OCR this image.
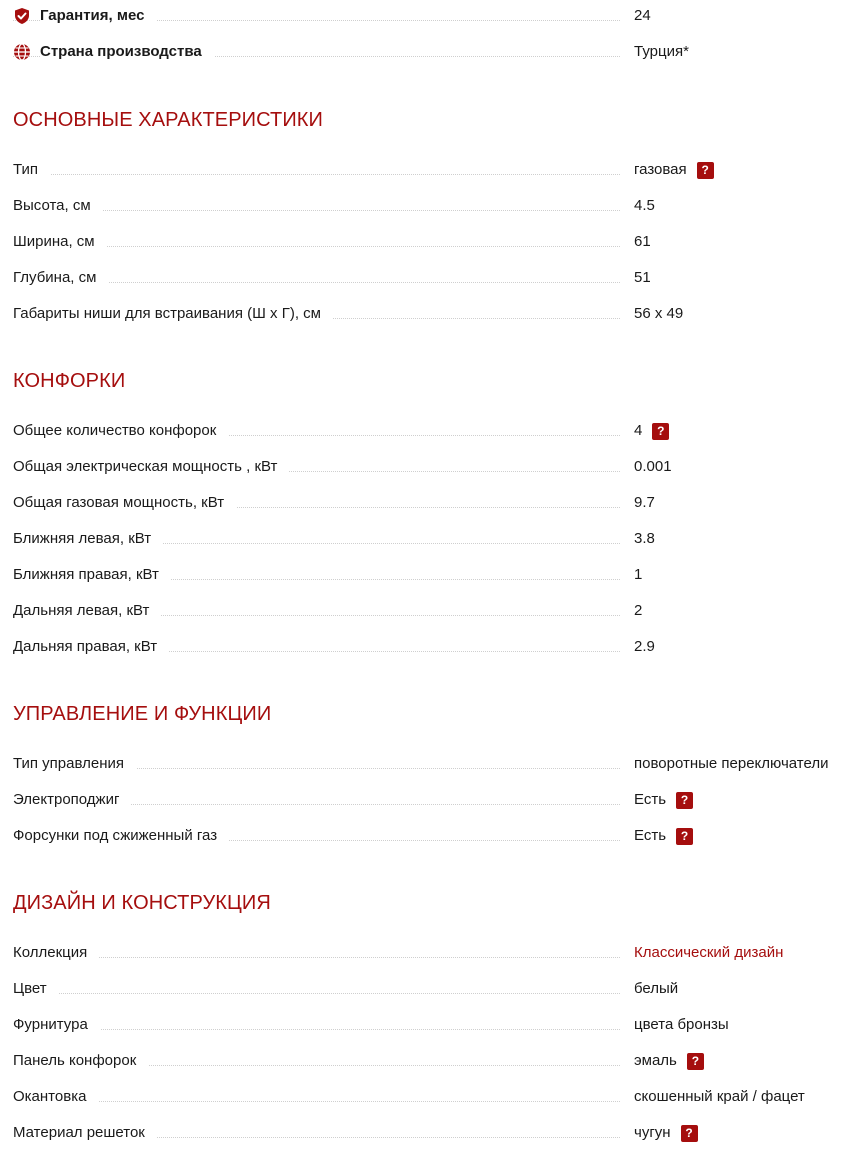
Гарантия, мес	24
Страна производства	Турция*
ОСНОВНЫЕ ХАРАКТЕРИСТИКИ
Тип	газовая	?
Высота, см	4.5
Ширина, см	61
Глубина, см	51
Габариты ниши для встраивания (Ш х Г), см	56 x 49
КОНФОРКИ
Общее количество конфорок	4	?
Общая электрическая мощность , кВт	0.001
Общая газовая мощность, кВт	9.7
Ближняя левая, кВт	3.8
Ближняя правая, кВт	1
Дальняя левая, кВт	2
Дальняя правая, кВт	2.9
УПРАВЛЕНИЕ И ФУНКЦИИ
Тип управления	поворотные переключатели
Электроподжиг	Есть	?
Форсунки под сжиженный газ	Есть	?
ДИЗАЙН И КОНСТРУКЦИЯ
Коллекция	Классический дизайн
Цвет	белый
Фурнитура	цвета бронзы
Панель конфорок	эмаль	?
Окантовка	скошенный край / фацет
Материал решеток	чугун	?
